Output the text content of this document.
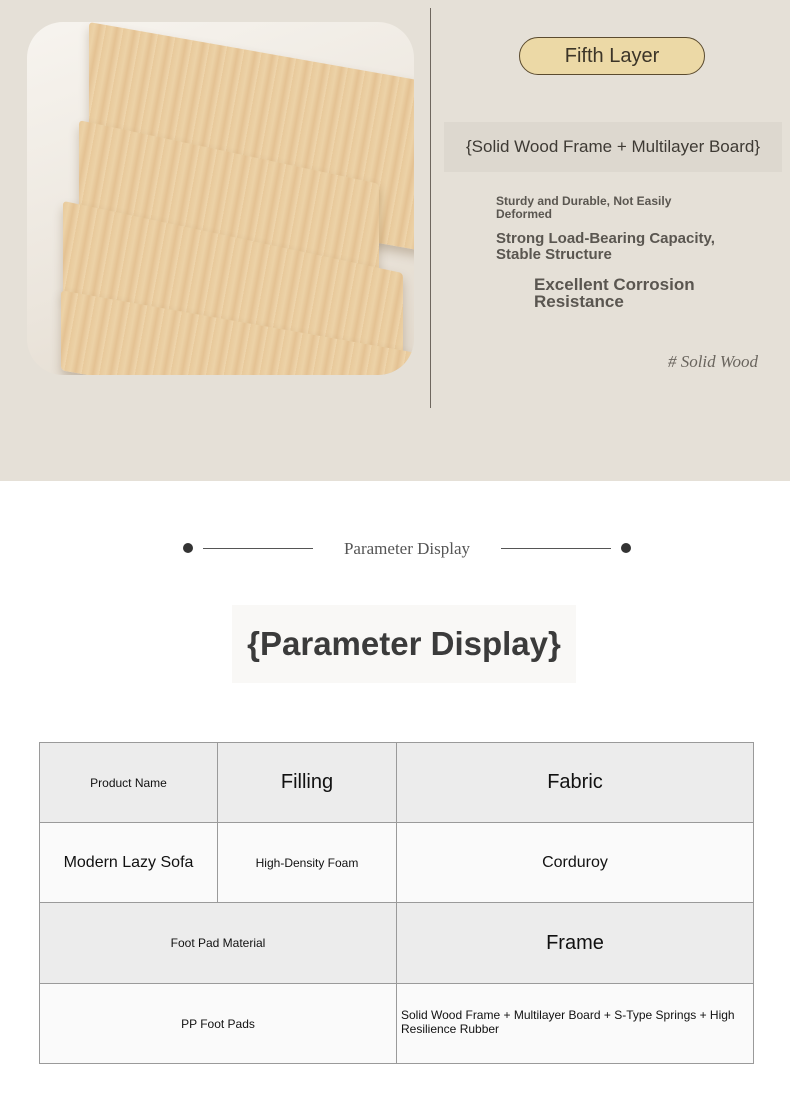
Fifth Layer
{Solid Wood Frame + Multilayer Board}
Sturdy and Durable, Not Easily Deformed
Strong Load-Bearing Capacity, Stable Structure
Excellent Corrosion Resistance
# Solid Wood
Parameter Display
{Parameter Display}
Product Name	Filling	Fabric
Modern Lazy Sofa	High-Density Foam	Corduroy
Foot Pad Material		Frame
PP Foot Pads		Solid Wood Frame + Multilayer Board + S-Type Springs + High Resilience Rubber
